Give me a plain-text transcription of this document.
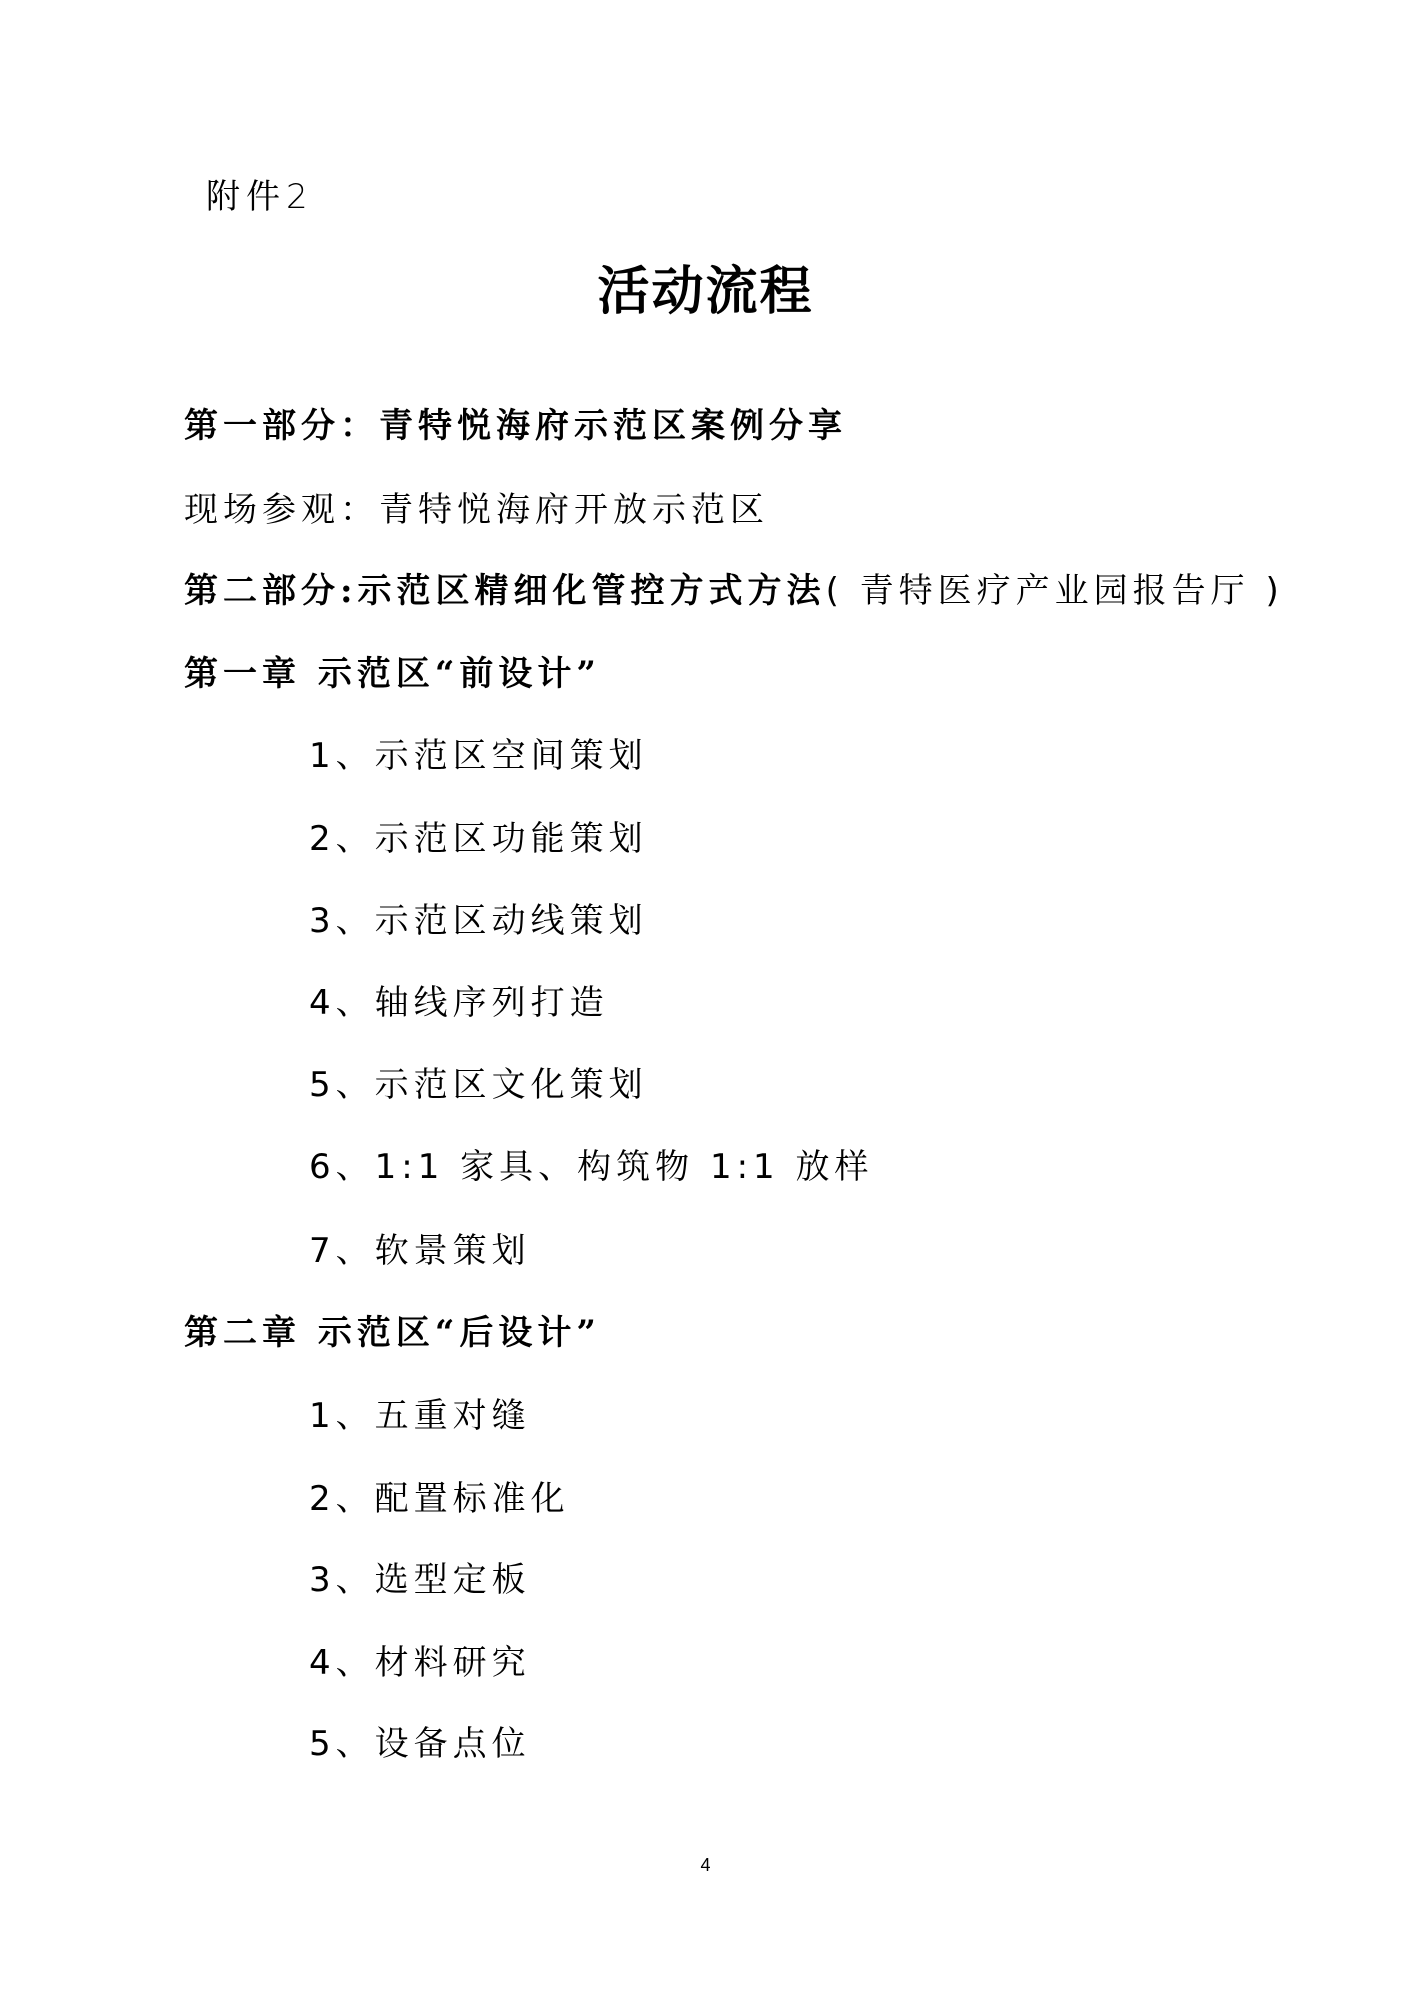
附件2
活动流程
第一部分：青特悦海府示范区案例分享
现场参观：青特悦海府开放示范区
第二部分:示范区精细化管控方式方法( 青特医疗产业园报告厅 )
第一章 示范区“前设计”
1、示范区空间策划
2、示范区功能策划
3、示范区动线策划
4、轴线序列打造
5、示范区文化策划
6、1:1 家具、构筑物 1:1 放样
7、软景策划
第二章 示范区“后设计”
1、五重对缝
2、配置标准化
3、选型定板
4、材料研究
5、设备点位
4
